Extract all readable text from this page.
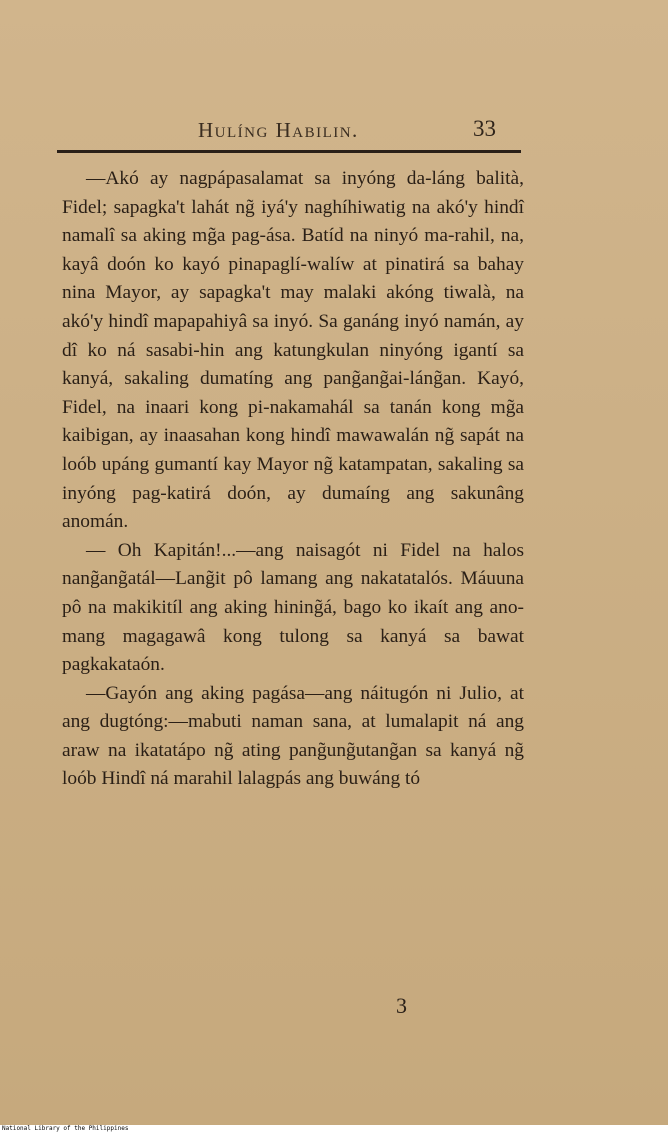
Hulíng Habilin.	33

—Akó ay nagpápasalamat sa inyóng da-láng balità, Fidel; sapagka't lahát ng̃ iyá'y naghíhiwatig na akó'y hindî namalî sa aking mg̃a pag-ása. Batíd na ninyó ma-rahil, na, kayâ doón ko kayó pinapaglí-walíw at pinatirá sa bahay nina Mayor, ay sapagka't may malaki akóng tiwalà, na akó'y hindî mapapahiyâ sa inyó. Sa ganáng inyó namán, ay dî ko ná sasabi-hin ang katungkulan ninyóng igantí sa kanyá, sakaling dumatíng ang pang̃ang̃ai-láng̃an. Kayó, Fidel, na inaari kong pi-nakamahál sa tanán kong mg̃a kaibigan, ay inaasahan kong hindî mawawalán ng̃ sapát na loób upáng gumantí kay Mayor ng̃ katampatan, sakaling sa inyóng pag-katirá doón, ay dumaíng ang sakunâng anomán.

— Oh Kapitán!...—ang naisagót ni Fidel na halos nang̃ang̃atál—Lang̃it pô lamang ang nakatatalós. Máuuna pô na makikitíl ang aking hining̃á, bago ko ikaít ang ano-mang magagawâ kong tulong sa kanyá sa bawat pagkakataón.

—Gayón ang aking pagása—ang náitugón ni Julio, at ang dugtóng:—mabuti naman sana, at lumalapit ná ang araw na ikatatápo ng̃ ating pang̃ung̃utang̃an sa kanyá ng̃ loób Hindî ná marahil lalagpás ang buwáng tó

3
National Library of the Philippines
